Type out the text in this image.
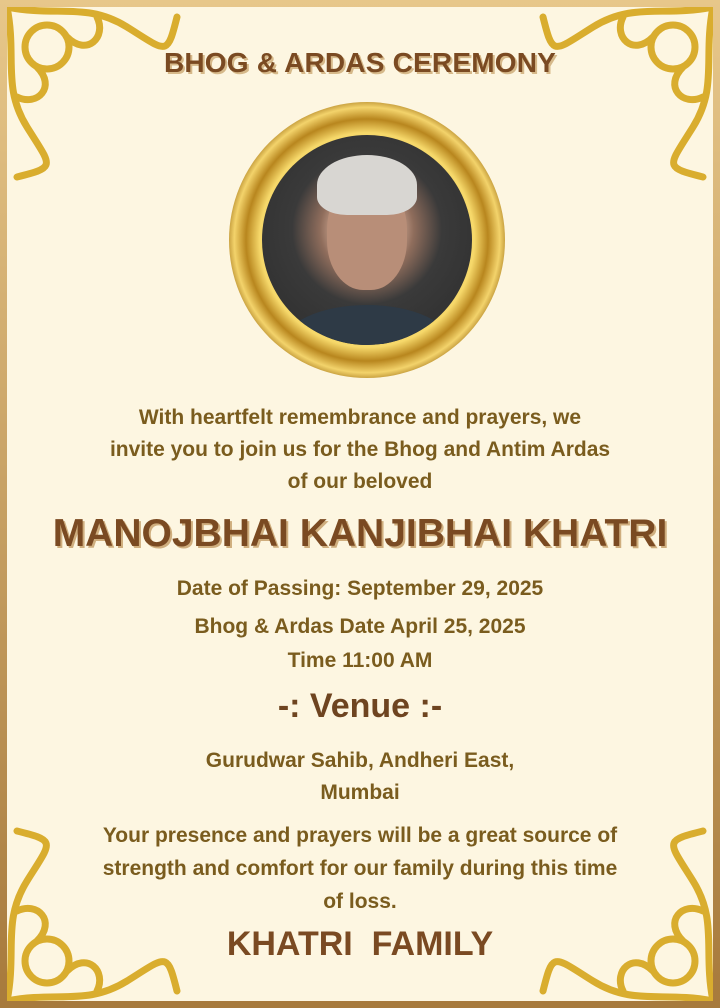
BHOG & ARDAS CEREMONY
With heartfelt remembrance and prayers, we
invite you to join us for the Bhog and Antim Ardas
of our beloved
MANOJBHAI KANJIBHAI KHATRI
Date of Passing: September 29, 2025
Bhog & Ardas Date April 25, 2025
Time 11:00 AM
-: Venue :-
Gurudwar Sahib, Andheri East,
Mumbai
Your presence and prayers will be a great source of
strength and comfort for our family during this time
of loss.
KHATRI  FAMILY
